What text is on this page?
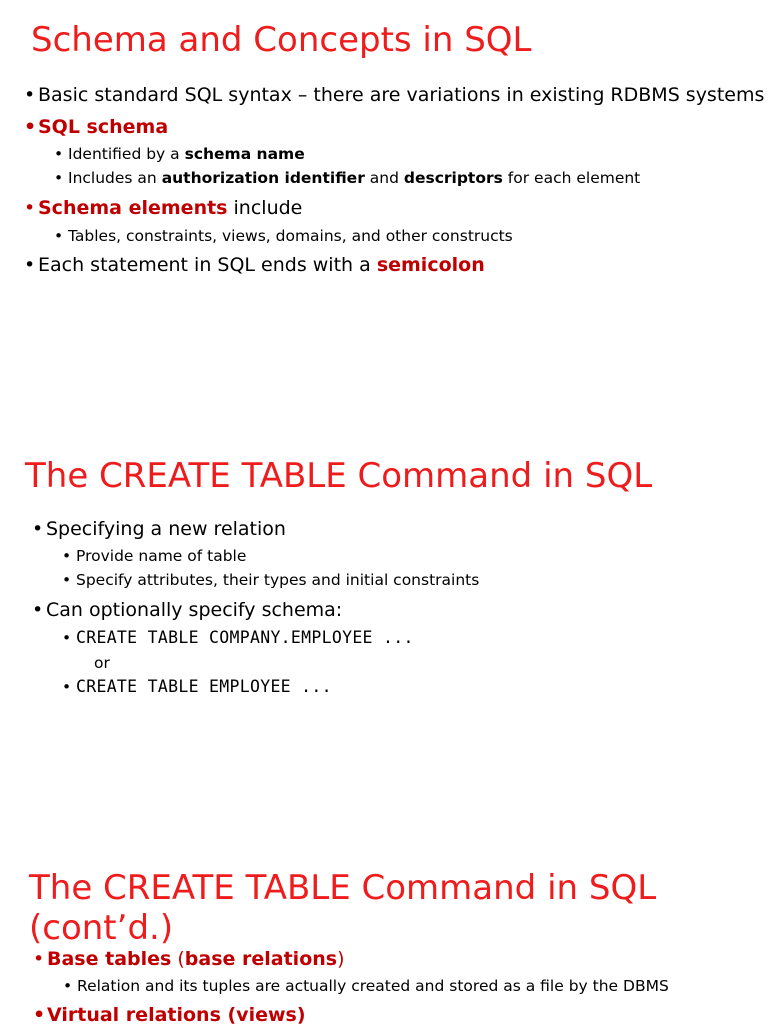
Schema and Concepts in SQL
• Basic standard SQL syntax – there are variations in existing RDBMS systems
•SQL schema
• Identified by a schema name
• Includes an authorization identifier and descriptors for each element
• Schema elements include
• Tables, constraints, views, domains, and other constructs
• Each statement in SQL ends with a semicolon
The CREATE TABLE Command in SQL
• Specifying a new relation
• Provide name of table
• Specify attributes, their types and initial constraints
• Can optionally specify schema:
• CREATE TABLE COMPANY.EMPLOYEE ...
or
• CREATE TABLE EMPLOYEE ...
The CREATE TABLE Command in SQL
(cont’d.)
• Base tables (base relations)
• Relation and its tuples are actually created and stored as a file by the DBMS
•Virtual relations (views)
